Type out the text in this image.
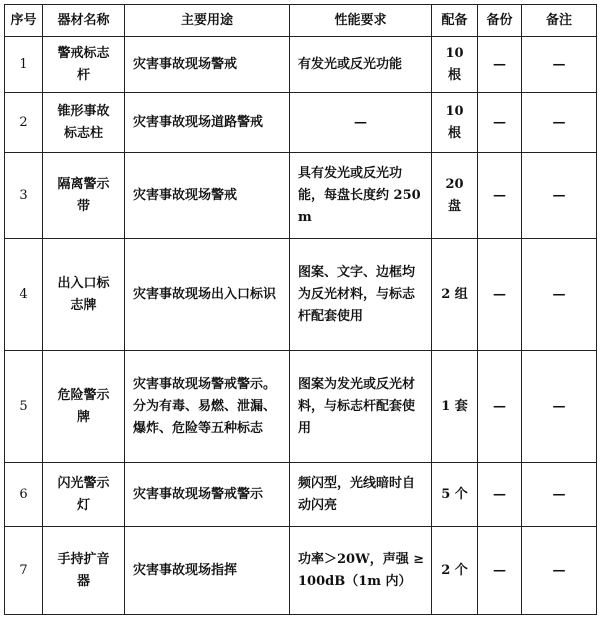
序号	器材名称	主要用途	性能要求	配备	备份	备注
1	警戒标志杆	灾害事故现场警戒	有发光或反光功能	10 根	—	—
2	锥形事故标志柱	灾害事故现场道路警戒	—	10 根	—	—
3	隔离警示带	灾害事故现场警戒	具有发光或反光功能，每盘长度约 250m	20 盘	—	—
4	出入口标志牌	灾害事故现场出入口标识	图案、文字、边框均为反光材料，与标志杆配套使用	2 组	—	—
5	危险警示牌	灾害事故现场警戒警示。分为有毒、易燃、泄漏、爆炸、危险等五种标志	图案为发光或反光材料，与标志杆配套使用	1 套	—	—
6	闪光警示灯	灾害事故现场警戒警示	频闪型，光线暗时自动闪亮	5 个	—	—
7	手持扩音器	灾害事故现场指挥	功率＞20W，声强 ≥ 100dB（1m 内）	2 个	—	—
